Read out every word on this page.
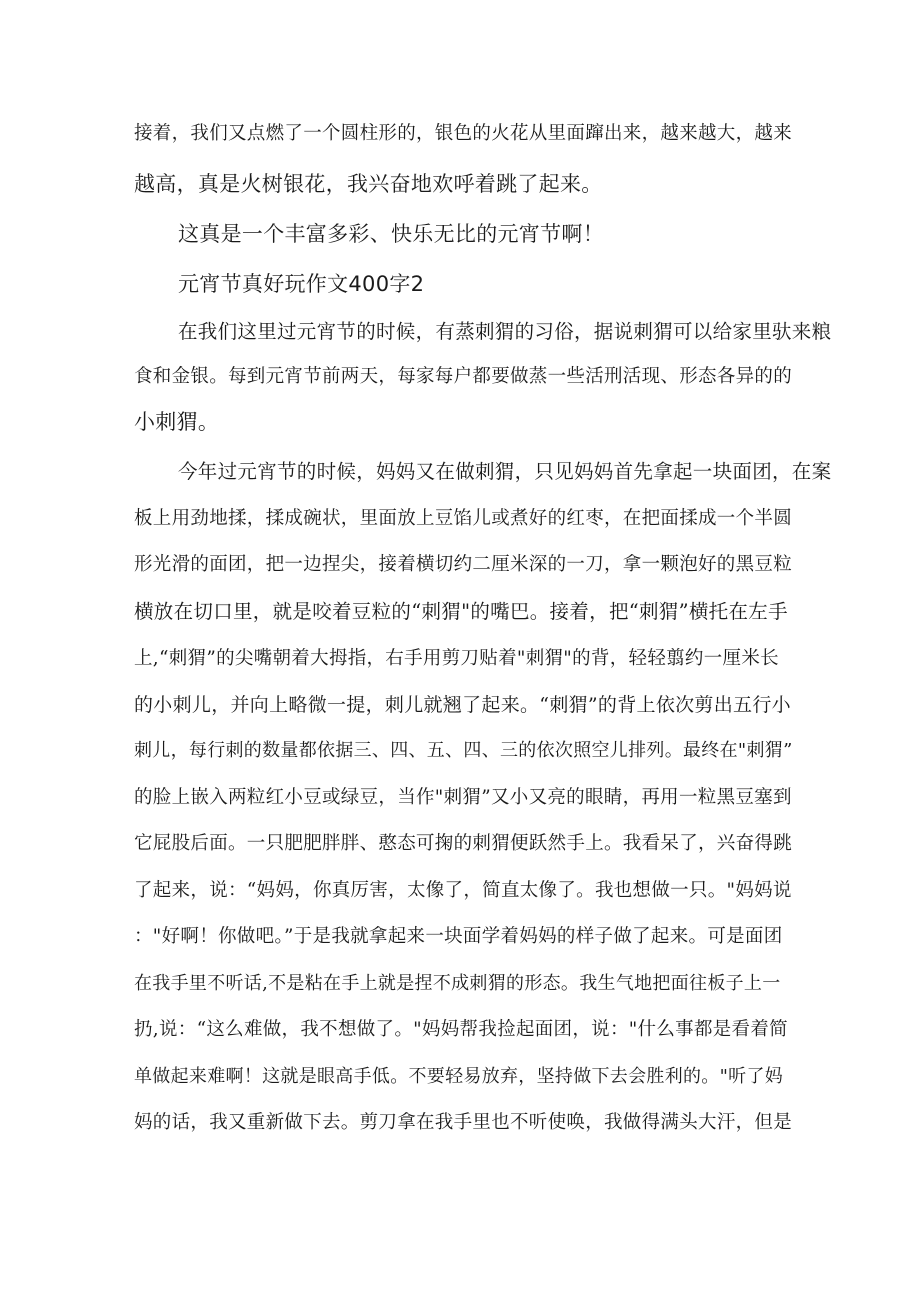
接着，我们又点燃了一个圆柱形的，银色的火花从里面蹿出来，越来越大，越来
越高，真是火树银花，我兴奋地欢呼着跳了起来。
这真是一个丰富多彩、快乐无比的元宵节啊！
元宵节真好玩作文400字2
在我们这里过元宵节的时候，有蒸刺猬的习俗，据说刺猬可以给家里驮来粮
食和金银。每到元宵节前两天，每家每户都要做蒸一些活刑活现、形态各异的的
小刺猬。
今年过元宵节的时候，妈妈又在做刺猬，只见妈妈首先拿起一块面团，在案
板上用劲地揉，揉成碗状，里面放上豆馅儿或煮好的红枣，在把面揉成一个半圆
形光滑的面团，把一边捏尖，接着横切约二厘米深的一刀，拿一颗泡好的黑豆粒
横放在切口里，就是咬着豆粒的“刺猬"的嘴巴。接着，把“刺猬”横托在左手
上,“刺猬”的尖嘴朝着大拇指，右手用剪刀贴着"刺猬"的背，轻轻翦约一厘米长
的小刺儿，并向上略微一提，刺儿就翘了起来。“刺猬”的背上依次剪出五行小
刺儿，每行刺的数量都依据三、四、五、四、三的依次照空儿排列。最终在"刺猬”
的脸上嵌入两粒红小豆或绿豆，当作"刺猬”又小又亮的眼睛，再用一粒黑豆塞到
它屁股后面。一只肥肥胖胖、憨态可掬的刺猬便跃然手上。我看呆了，兴奋得跳
了起来，说：“妈妈，你真厉害，太像了，简直太像了。我也想做一只。"妈妈说
："好啊！你做吧。”于是我就拿起来一块面学着妈妈的样子做了起来。可是面团
在我手里不听话,不是粘在手上就是捏不成刺猬的形态。我生气地把面往板子上一
扔,说：“这么难做，我不想做了。"妈妈帮我捡起面团，说："什么事都是看着简
单做起来难啊！这就是眼高手低。不要轻易放弃，坚持做下去会胜利的。"听了妈
妈的话，我又重新做下去。剪刀拿在我手里也不听使唤，我做得满头大汗，但是
